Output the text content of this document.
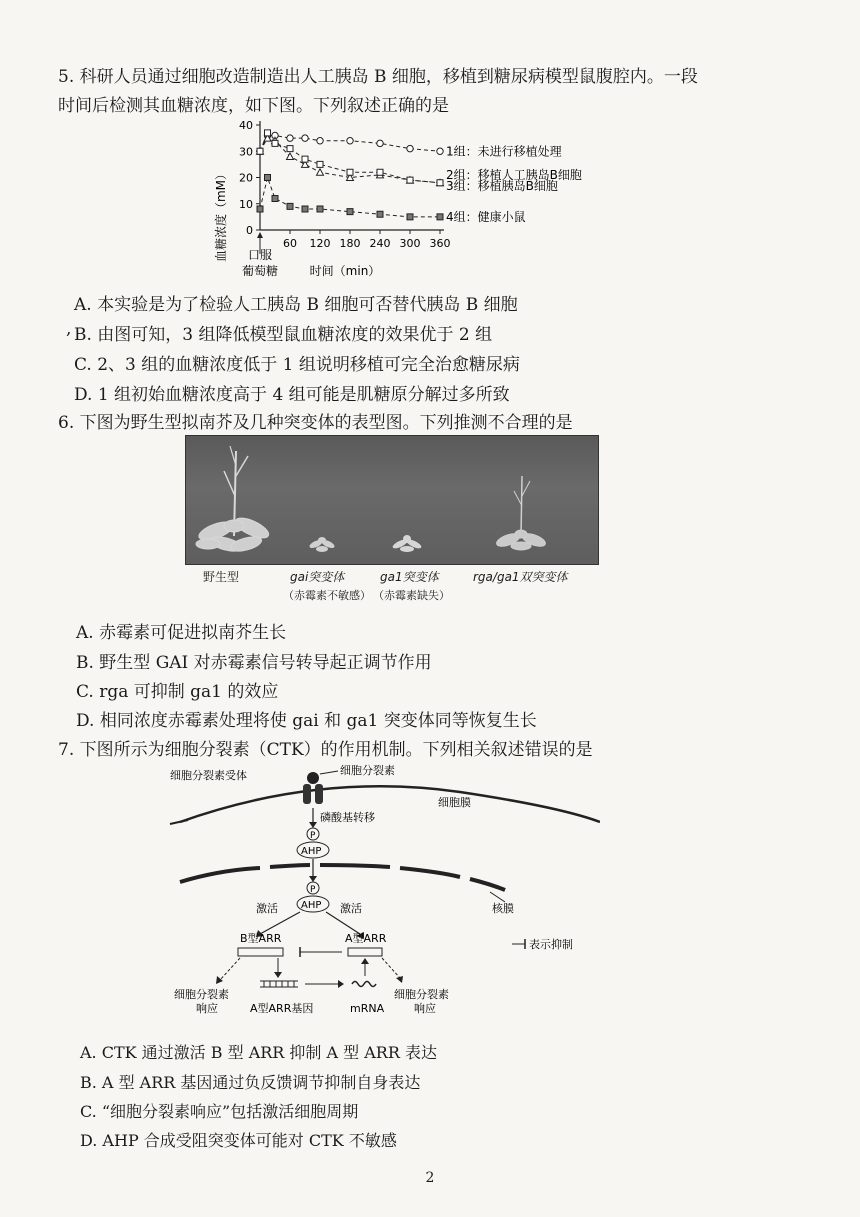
5. 科研人员通过细胞改造制造出人工胰岛 B 细胞，移植到糖尿病模型鼠腹腔内。一段
时间后检测其血糖浓度，如下图。下列叙述正确的是
0
10
20
30
40
60 120 180 240 300 360
1组：未进行移植处理
2组：移植人工胰岛B细胞
3组：移植胰岛B细胞
4组：健康小鼠
血糖浓度（mM） 口服
葡萄糖	时间（min）
A. 本实验是为了检验人工胰岛 B 细胞可否替代胰岛 B 细胞
, B. 由图可知，3 组降低模型鼠血糖浓度的效果优于 2 组
C. 2、3 组的血糖浓度低于 1 组说明移植可完全治愈糖尿病
D. 1 组初始血糖浓度高于 4 组可能是肌糖原分解过多所致
6. 下图为野生型拟南芥及几种突变体的表型图。下列推测不合理的是
野生型	gai突变体	ga1突变体	rga/ga1双突变体
（赤霉素不敏感） （赤霉素缺失）
A. 赤霉素可促进拟南芥生长
B. 野生型 GAI 对赤霉素信号转导起正调节作用
C. rga 可抑制 ga1 的效应
D. 相同浓度赤霉素处理将使 gai 和 ga1 突变体同等恢复生长
7. 下图所示为细胞分裂素（CTK）的作用机制。下列相关叙述错误的是
细胞分裂素受体	细胞分裂素
细胞膜
磷酸基转移
P
AHP
核膜
P
AHP
激活	激活
B型ARR	A型ARR
细胞分裂素
响应	A型ARR基因	mRNA
细胞分裂素
响应
表示抑制
A. CTK 通过激活 B 型 ARR 抑制 A 型 ARR 表达
B. A 型 ARR 基因通过负反馈调节抑制自身表达
C. “细胞分裂素响应”包括激活细胞周期
D. AHP 合成受阻突变体可能对 CTK 不敏感
2
